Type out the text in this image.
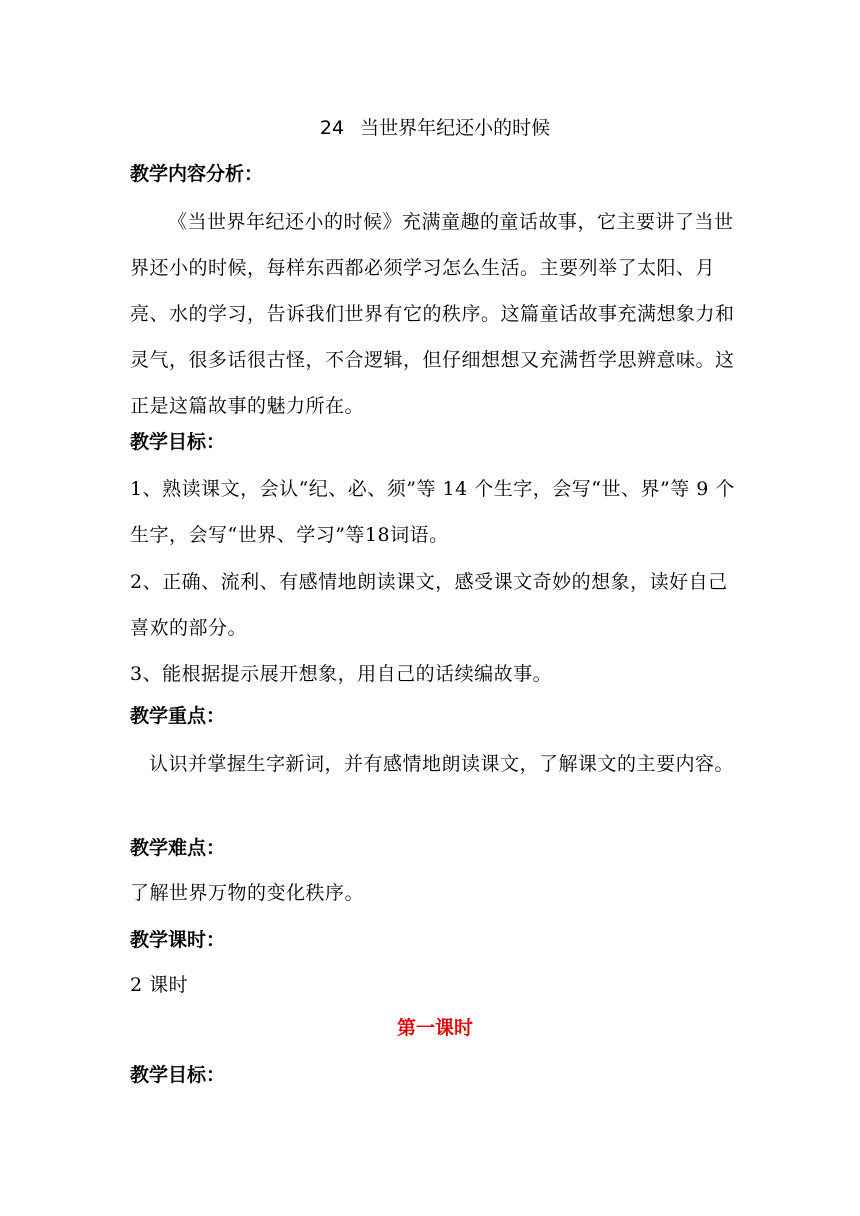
24 当世界年纪还小的时候
教学内容分析：

《当世界年纪还小的时候》充满童趣的童话故事，它主要讲了当世界还小的时候，每样东西都必须学习怎么生活。主要列举了太阳、月亮、水的学习，告诉我们世界有它的秩序。这篇童话故事充满想象力和灵气，很多话很古怪，不合逻辑，但仔细想想又充满哲学思辨意味。这正是这篇故事的魅力所在。

教学目标：

1、熟读课文，会认“纪、必、须”等 14 个生字，会写“世、界”等 9 个生字，会写“世界、学习”等18词语。

2、正确、流利、有感情地朗读课文，感受课文奇妙的想象，读好自己喜欢的部分。

3、能根据提示展开想象，用自己的话续编故事。

教学重点：

认识并掌握生字新词，并有感情地朗读课文，了解课文的主要内容。

教学难点：

了解世界万物的变化秩序。

教学课时：

2 课时

第一课时
教学目标：
